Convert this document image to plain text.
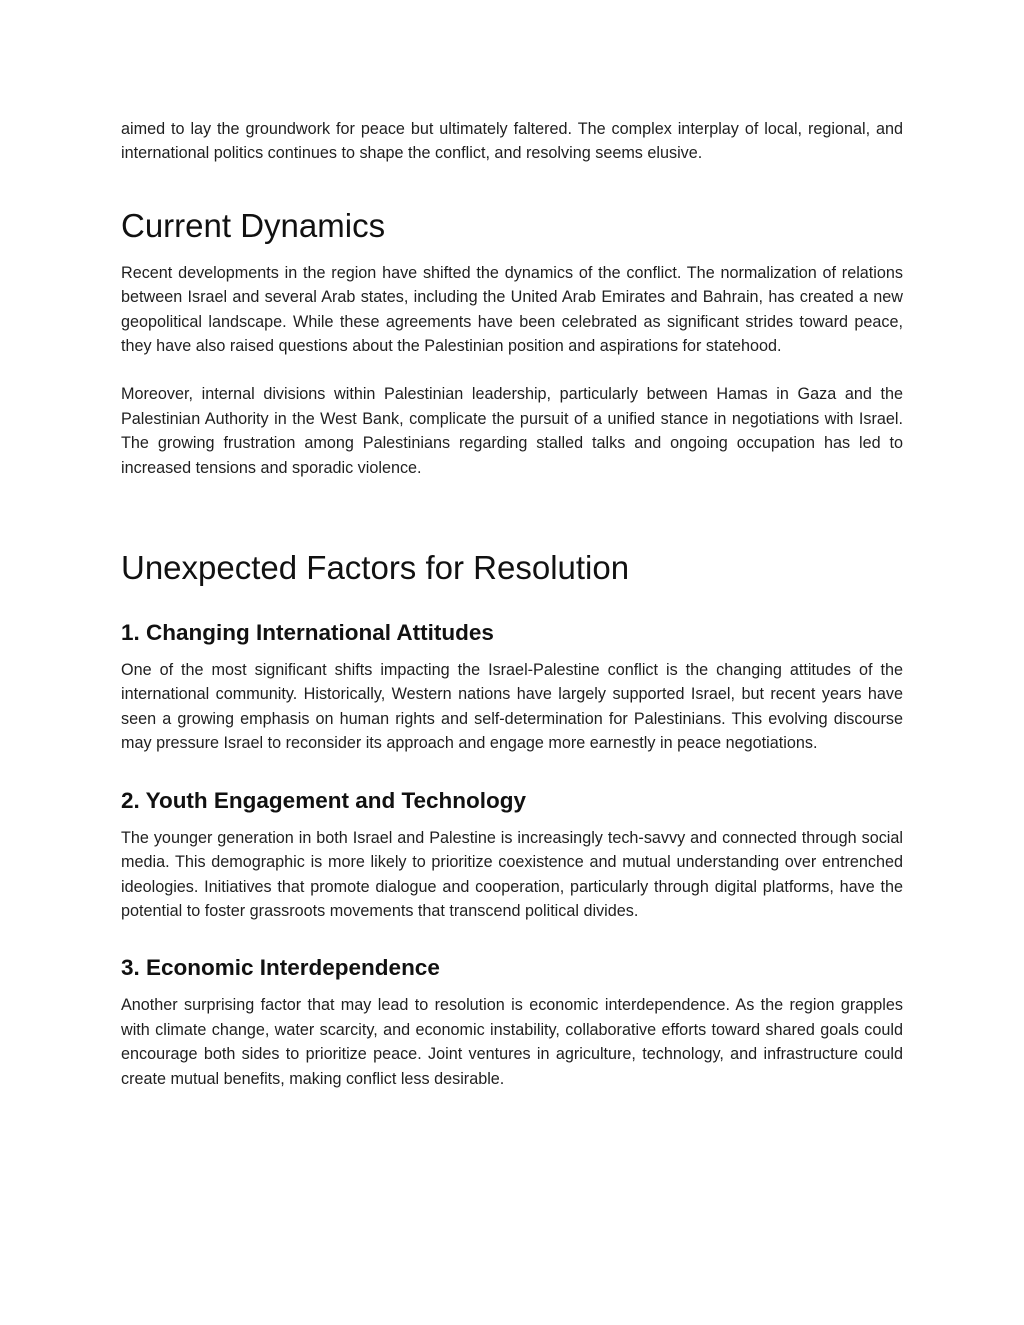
aimed to lay the groundwork for peace but ultimately faltered. The complex interplay of local, regional, and international politics continues to shape the conflict, and resolving seems elusive.

Current Dynamics

Recent developments in the region have shifted the dynamics of the conflict. The normalization of relations between Israel and several Arab states, including the United Arab Emirates and Bahrain, has created a new geopolitical landscape. While these agreements have been celebrated as significant strides toward peace, they have also raised questions about the Palestinian position and aspirations for statehood.

Moreover, internal divisions within Palestinian leadership, particularly between Hamas in Gaza and the Palestinian Authority in the West Bank, complicate the pursuit of a unified stance in negotiations with Israel. The growing frustration among Palestinians regarding stalled talks and ongoing occupation has led to increased tensions and sporadic violence.

Unexpected Factors for Resolution
1. Changing International Attitudes

One of the most significant shifts impacting the Israel-Palestine conflict is the changing attitudes of the international community. Historically, Western nations have largely supported Israel, but recent years have seen a growing emphasis on human rights and self-determination for Palestinians. This evolving discourse may pressure Israel to reconsider its approach and engage more earnestly in peace negotiations.

2. Youth Engagement and Technology

The younger generation in both Israel and Palestine is increasingly tech-savvy and connected through social media. This demographic is more likely to prioritize coexistence and mutual understanding over entrenched ideologies. Initiatives that promote dialogue and cooperation, particularly through digital platforms, have the potential to foster grassroots movements that transcend political divides.

3. Economic Interdependence

Another surprising factor that may lead to resolution is economic interdependence. As the region grapples with climate change, water scarcity, and economic instability, collaborative efforts toward shared goals could encourage both sides to prioritize peace. Joint ventures in agriculture, technology, and infrastructure could create mutual benefits, making conflict less desirable.
